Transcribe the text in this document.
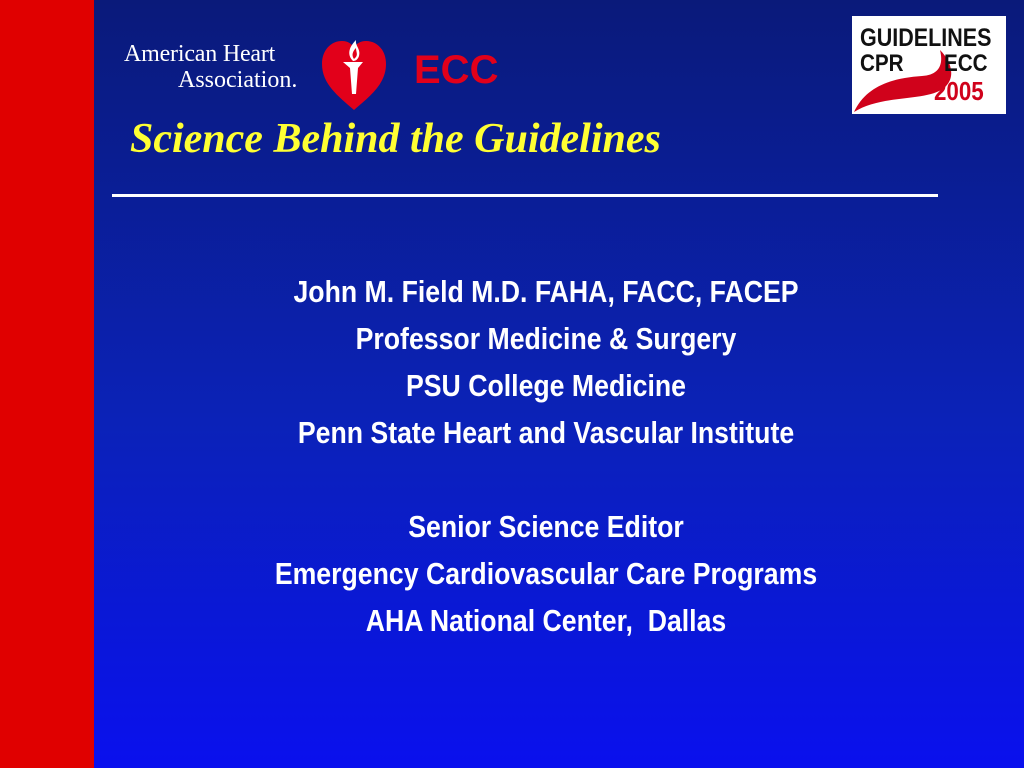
American Heart
Association.	ECC
Science Behind the Guidelines
GUIDELINES
CPR ECC
2005
John M. Field M.D. FAHA, FACC, FACEP
Professor Medicine & Surgery
PSU College Medicine
Penn State Heart and Vascular Institute
Senior Science Editor
Emergency Cardiovascular Care Programs
AHA National Center,  Dallas
